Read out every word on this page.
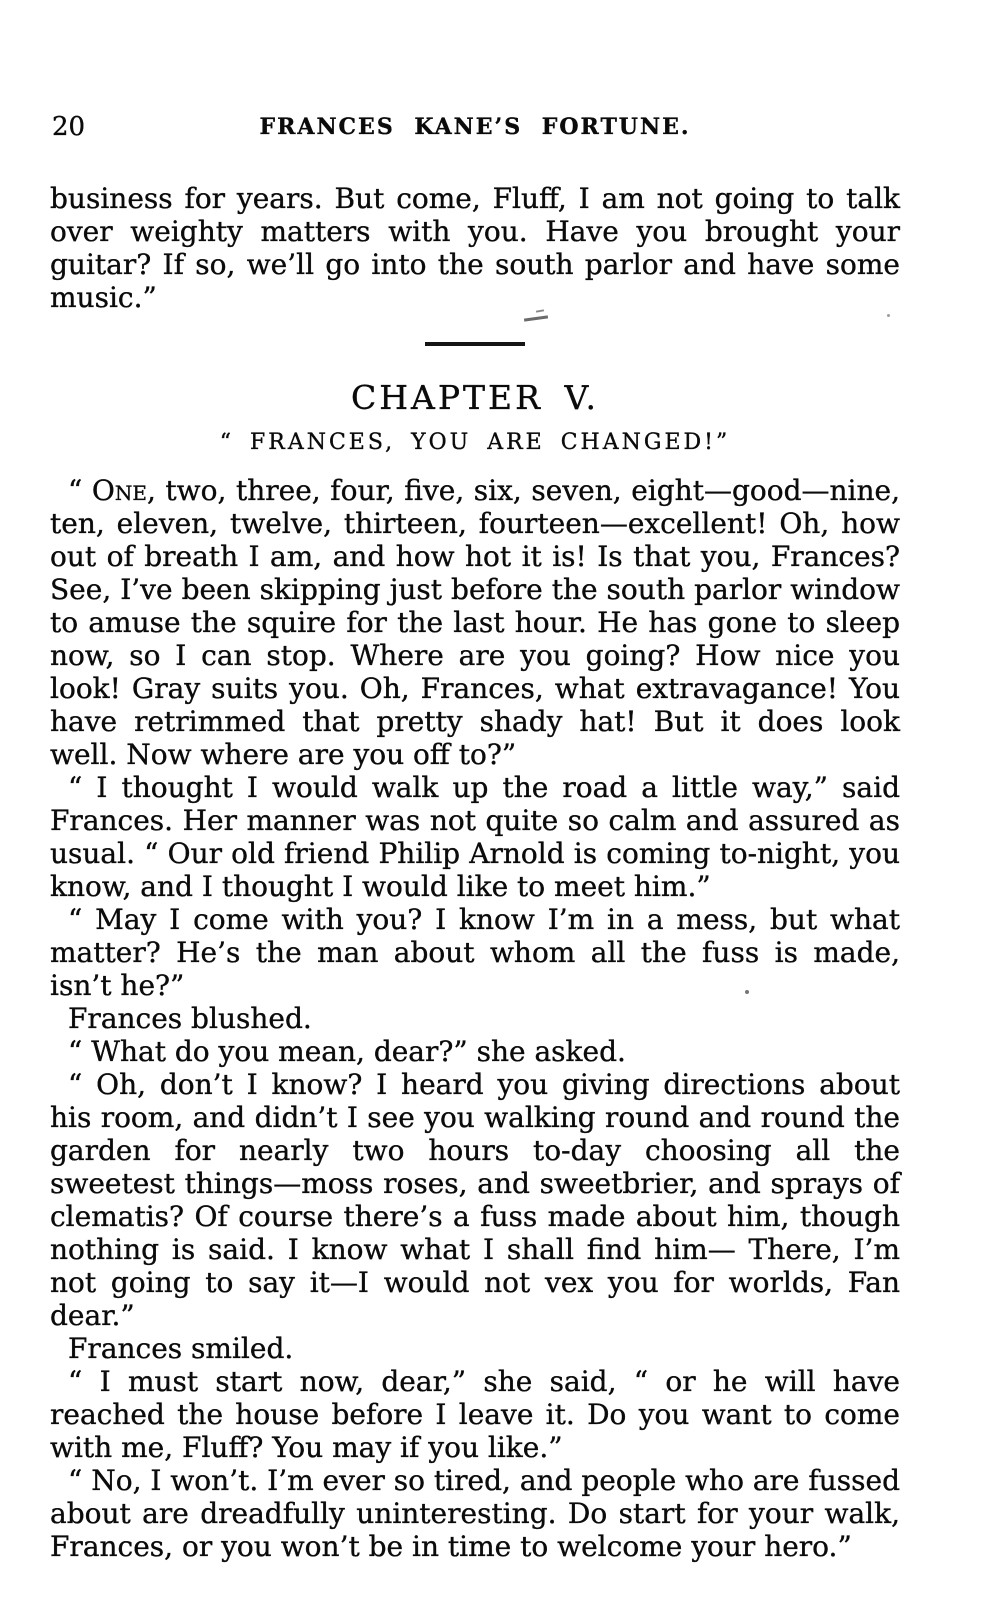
20	FRANCES KANE’S FORTUNE.

business for years. But come, Fluff, I am not going to talk over weighty matters with you. Have you brought your guitar? If so, we’ll go into the south parlor and have some music.”

CHAPTER V.
“ FRANCES, YOU ARE CHANGED!”

“ One, two, three, four, five, six, seven, eight—good—nine, ten, eleven, twelve, thirteen, fourteen—excellent! Oh, how out of breath I am, and how hot it is! Is that you, Frances? See, I’ve been skipping just before the south parlor window to amuse the squire for the last hour. He has gone to sleep now, so I can stop. Where are you going? How nice you look! Gray suits you. Oh, Frances, what extravagance! You have retrimmed that pretty shady hat! But it does look well. Now where are you off to?”

“ I thought I would walk up the road a little way,” said Frances. Her manner was not quite so calm and assured as usual. “ Our old friend Philip Arnold is coming to-night, you know, and I thought I would like to meet him.”

“ May I come with you? I know I’m in a mess, but what matter? He’s the man about whom all the fuss is made, isn’t he?”

Frances blushed.

“ What do you mean, dear?” she asked.

“ Oh, don’t I know? I heard you giving directions about his room, and didn’t I see you walking round and round the garden for nearly two hours to-day choosing all the sweetest things—moss roses, and sweetbrier, and sprays of clematis? Of course there’s a fuss made about him, though nothing is said. I know what I shall find him— There, I’m not going to say it—I would not vex you for worlds, Fan dear.”

Frances smiled.

“ I must start now, dear,” she said, “ or he will have reached the house before I leave it. Do you want to come with me, Fluff? You may if you like.”

“ No, I won’t. I’m ever so tired, and people who are fussed about are dreadfully uninteresting. Do start for your walk, Frances, or you won’t be in time to welcome your hero.”
